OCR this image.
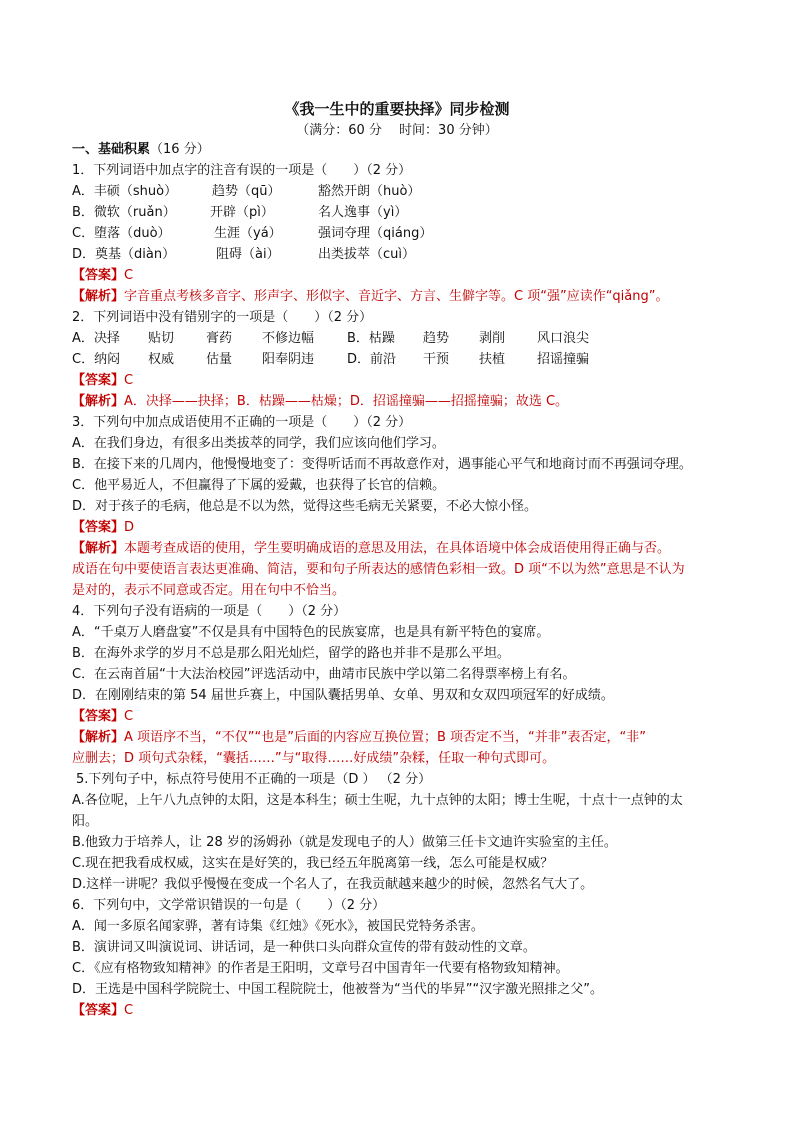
《我一生中的重要抉择》同步检测
（满分：60 分　 时间：30 分钟）
一、基础积累（16 分）
1．下列词语中加点字的注音有误的一项是（　　）（2 分）
A．丰硕（shuò）	趋势（qū）	豁然开朗（huò）
B．微软（ruǎn）	开辟（pì）	名人逸事（yì）
C．堕落（duò）	生涯（yá）	强词夺理（qiáng）
D．奠基（diàn）	阻碍（ài）	出类拔萃（cuì）
【答案】C
【解析】字音重点考核多音字、形声字、形似字、音近字、方言、生僻字等。C 项“强”应读作“qiǎng”。
2．下列词语中没有错别字的一项是（　　）（2 分）
A．决择 贴切 膏药 不修边幅	B．枯躁 趋势 剥削 风口浪尖
C．纳闷 权威 估量 阳奉阴违	D．前沿 干预 扶植 招谣撞骗
【答案】C
【解析】A．决择——抉择；B．枯躁——枯燥；D．招谣撞骗——招摇撞骗；故选 C。
3．下列句中加点成语使用不正确的一项是（　　）（2 分）
A．在我们身边，有很多出类拔萃的同学，我们应该向他们学习。
B．在接下来的几周内，他慢慢地变了：变得听话而不再故意作对，遇事能心平气和地商讨而不再强词夺理。
C．他平易近人，不但赢得了下属的爱戴，也获得了长官的信赖。
D．对于孩子的毛病，他总是不以为然，觉得这些毛病无关紧要，不必大惊小怪。
【答案】D
【解析】本题考查成语的使用，学生要明确成语的意思及用法，在具体语境中体会成语使用得正确与否。
成语在句中要使语言表达更准确、简洁，要和句子所表达的感情色彩相一致。D 项“不以为然”意思是不认为
是对的，表示不同意或否定。用在句中不恰当。
4．下列句子没有语病的一项是（　　）（2 分）
A．“千桌万人磨盘宴”不仅是具有中国特色的民族宴席，也是具有新平特色的宴席。
B．在海外求学的岁月不总是那么阳光灿烂，留学的路也并非不是那么平坦。
C．在云南首届“十大法治校园”评选活动中，曲靖市民族中学以第二名得票率榜上有名。
D．在刚刚结束的第 54 届世乒赛上，中国队囊括男单、女单、男双和女双四项冠军的好成绩。
【答案】C
【解析】A 项语序不当，“不仅”“也是”后面的内容应互换位置；B 项否定不当，“并非”表否定，“非”
应删去；D 项句式杂糅，“囊括……”与“取得……好成绩”杂糅，任取一种句式即可。
5.下列句子中，标点符号使用不正确的一项是（D ） （2 分）
A.各位呢，上午八九点钟的太阳，这是本科生；硕士生呢，九十点钟的太阳；博士生呢，十点十一点钟的太
阳。
B.他致力于培养人，让 28 岁的汤姆孙（就是发现电子的人）做第三任卡文迪许实验室的主任。
C.现在把我看成权威，这实在是好笑的，我已经五年脱离第一线，怎么可能是权威？
D.这样一讲呢？我似乎慢慢在变成一个名人了，在我贡献越来越少的时候，忽然名气大了。
6．下列句中，文学常识错误的一句是（　　）（2 分）
A．闻一多原名闻家骅，著有诗集《红烛》《死水》，被国民党特务杀害。
B．演讲词又叫演说词、讲话词，是一种供口头向群众宣传的带有鼓动性的文章。
C．《应有格物致知精神》的作者是王阳明，文章号召中国青年一代要有格物致知精神。
D．王选是中国科学院院士、中国工程院院士，他被誉为“当代的毕昇”“汉字激光照排之父”。
【答案】C
